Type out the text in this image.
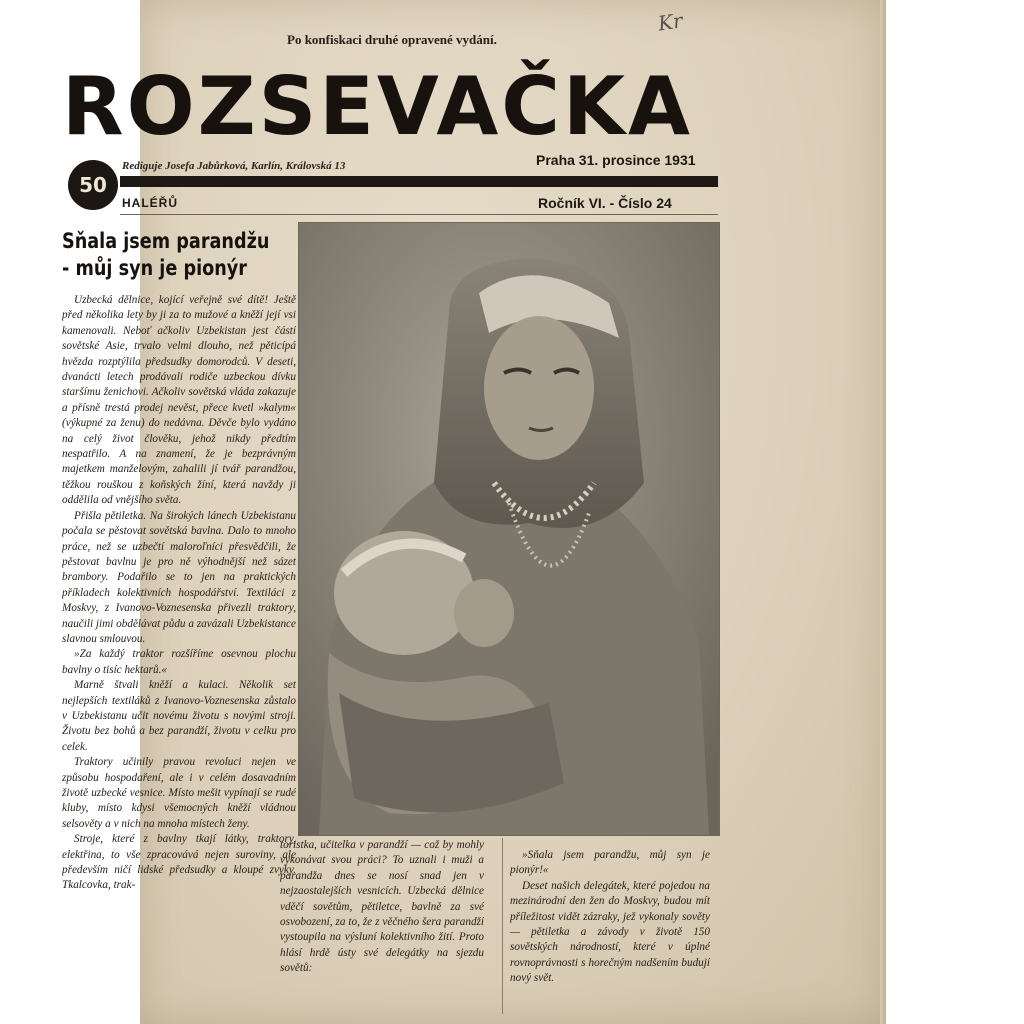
Po konfiskaci druhé opravené vydání.
Kr
ROZSEVAČKA
50
Rediguje Josefa Jabůrková, Karlín, Královská 13	Praha 31. prosince 1931
HALÉŘŮ	Ročník VI. - Číslo 24
Sňala jsem parandžu
- můj syn je pionýr

Uzbecká dělnice, kojící veřejně své dítě! Ještě před několika lety by ji za to mužové a kněží její vsi kamenovali. Neboť ačkoliv Uzbekistan jest částí sovětské Asie, trvalo velmi dlouho, než pěticípá hvězda rozptýlila předsudky domorodců. V deseti, dvanácti letech prodávali rodiče uzbeckou dívku staršímu ženichovi. Ačkoliv sovětská vláda zakazuje a přísně trestá prodej nevěst, přece kvetl »kalym« (výkupné za ženu) do nedávna. Děvče bylo vydáno na celý život člověku, jehož nikdy předtím nespatřilo. A na znamení, že je bezprávným majetkem manželovým, zahalili jí tvář parandžou, těžkou rouškou z koňských žíní, která navždy ji oddělila od vnějšího světa.

Přišla pětiletka. Na širokých lánech Uzbekistanu počala se pěstovat sovětská bavlna. Dalo to mnoho práce, než se uzbečtí maloroľníci přesvědčili, že pěstovat bavlnu je pro ně výhodnější než sázet brambory. Podařilo se to jen na praktických příkladech kolektivních hospodářství. Textiláci z Moskvy, z Ivanovo-Voznesenska přivezli traktory, naučili jimi obdělávat půdu a zavázali Uzbekistance slavnou smlouvou.

»Za každý traktor rozšíříme osevnou plochu bavlny o tisíc hektarů.«

Marně štvali kněží a kulaci. Několik set nejlepších textiláků z Ivanovo-Voznesenska zůstalo v Uzbekistanu učit novému životu s novými stroji. Životu bez bohů a bez parandží, životu v celku pro celek.

Traktory učinily pravou revoluci nejen ve způsobu hospodaření, ale i v celém dosavadním životě uzbecké vesnice. Místo mešit vypínají se rudé kluby, místo kdysi všemocných kněží vládnou selsověty a v nich na mnoha místech ženy.

Stroje, které z bavlny tkají látky, traktory, elektřina, to vše zpracovává nejen suroviny, ale především ničí lidské předsudky a kloupé zvyky. Tkalcovka, trak-

toristka, učitelka v parandží — což by mohly vykonávat svou práci? To uznali i muži a parandža dnes se nosí snad jen v nejzaostalejších vesnicích. Uzbecká dělnice vděčí sovětům, pětiletce, bavlně za své osvobození, za to, že z věčného šera parandží vystoupila na výsluní kolektivního žití. Proto hlásí hrdě ústy své delegátky na sjezdu sovětů:

»Sňala jsem parandžu, můj syn je pionýr!«

Deset našich delegátek, které pojedou na mezinárodní den žen do Moskvy, budou mít příležitost vidět zázraky, jež vykonaly sověty — pětiletka a závody v životě 150 sovětských národností, které v úplné rovnoprávnosti s horečným nadšením budují nový svět.
